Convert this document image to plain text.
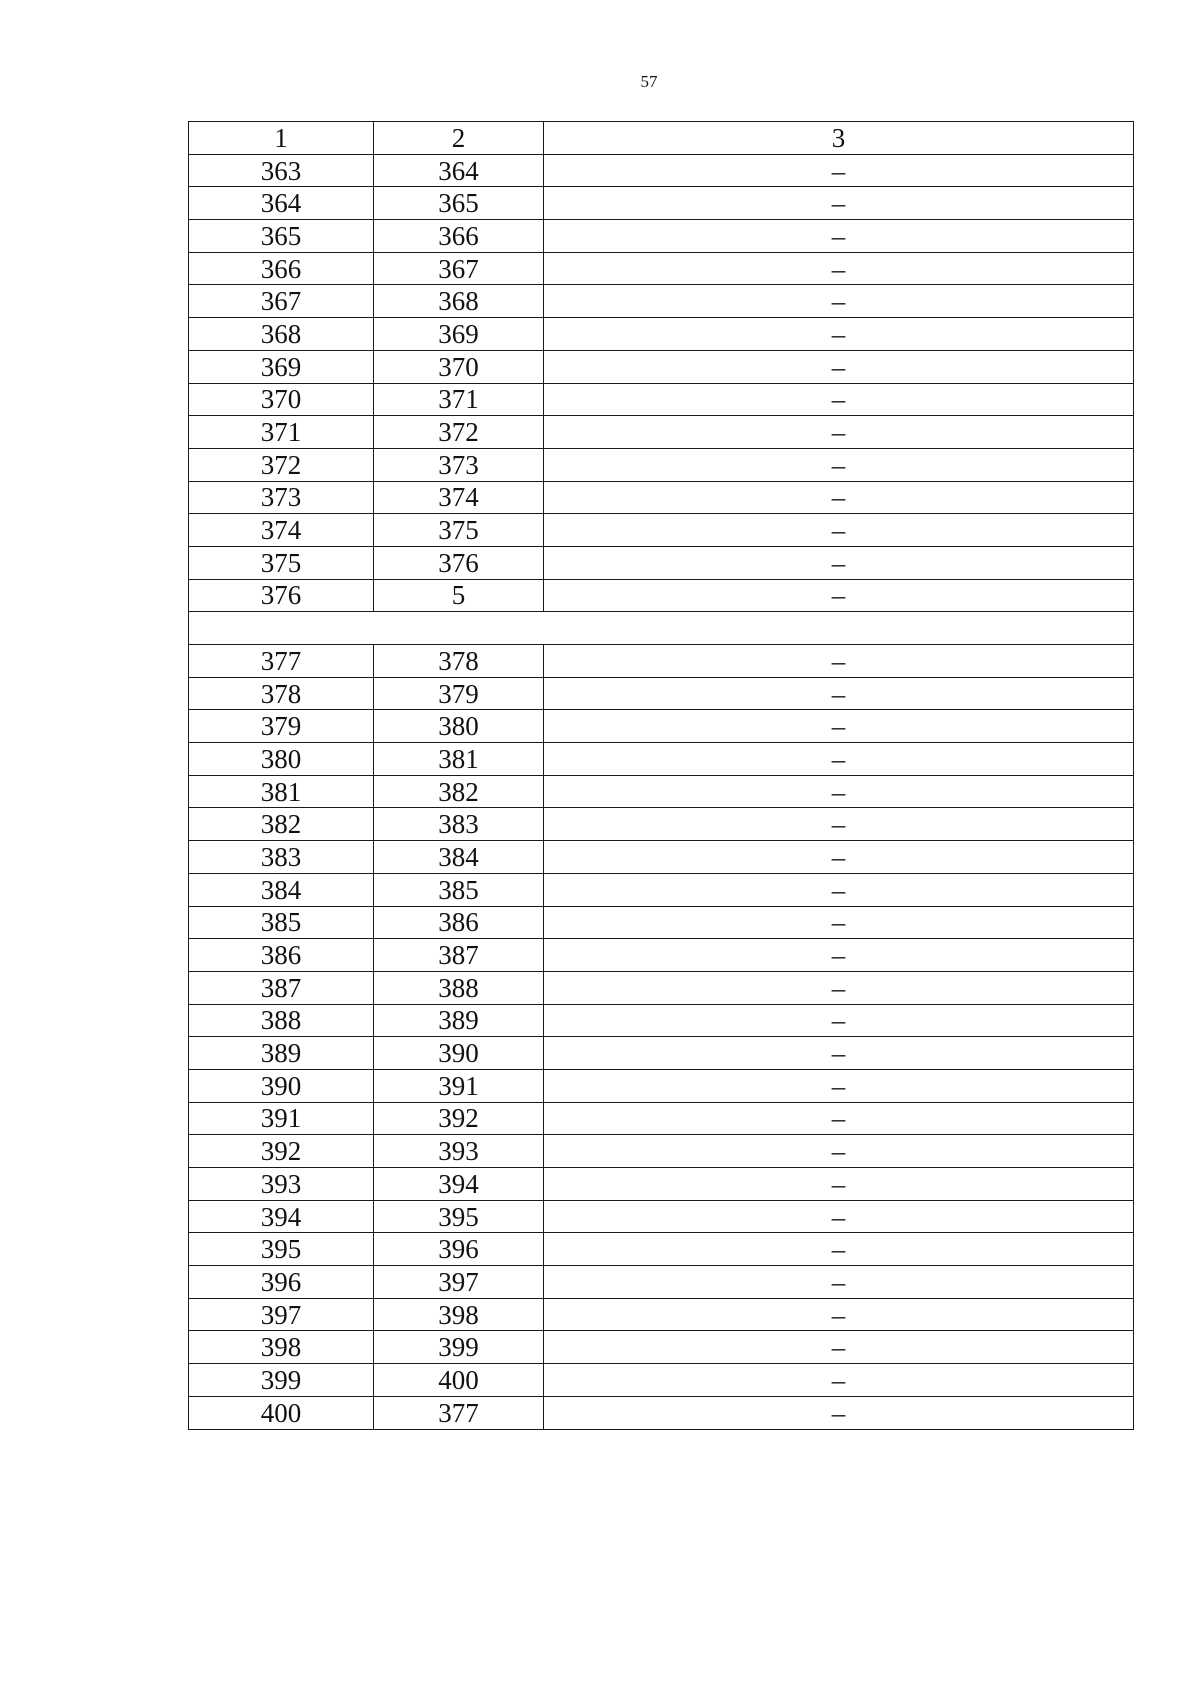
57
1	2	3
363	364	–
364	365	–
365	366	–
366	367	–
367	368	–
368	369	–
369	370	–
370	371	–
371	372	–
372	373	–
373	374	–
374	375	–
375	376	–
376	5	–

377	378	–
378	379	–
379	380	–
380	381	–
381	382	–
382	383	–
383	384	–
384	385	–
385	386	–
386	387	–
387	388	–
388	389	–
389	390	–
390	391	–
391	392	–
392	393	–
393	394	–
394	395	–
395	396	–
396	397	–
397	398	–
398	399	–
399	400	–
400	377	–
